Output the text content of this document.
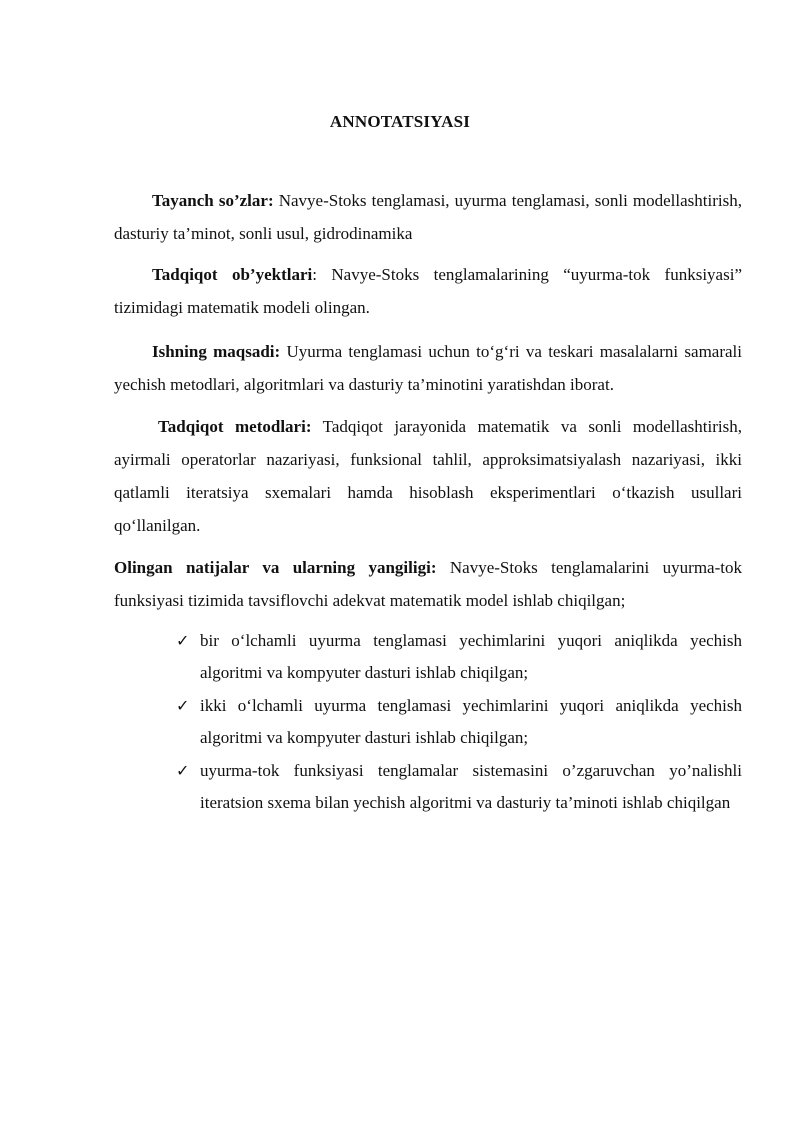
ANNOTATSIYASI

Tayanch so’zlar: Navye-Stoks tenglamasi, uyurma tenglamasi, sonli modellashtirish, dasturiy ta’minot, sonli usul, gidrodinamika

Tadqiqot ob’yektlari: Navye-Stoks tenglamalarining “uyurma-tok funksiyasi” tizimidagi matematik modeli olingan.

Ishning maqsadi: Uyurma tenglamasi uchun to‘g‘ri va teskari masalalarni samarali yechish metodlari, algoritmlari va dasturiy ta’minotini yaratishdan iborat.

Tadqiqot metodlari: Tadqiqot jarayonida matematik va sonli modellashtirish, ayirmali operatorlar nazariyasi, funksional tahlil, approksimatsiyalash nazariyasi, ikki qatlamli iteratsiya sxemalari hamda hisoblash eksperimentlari o‘tkazish usullari qo‘llanilgan.

Olingan natijalar va ularning yangiligi: Navye-Stoks tenglamalarini uyurma-tok funksiyasi tizimida tavsiflovchi adekvat matematik model ishlab chiqilgan;

✓ bir o‘lchamli uyurma tenglamasi yechimlarini yuqori aniqlikda yechish algoritmi va kompyuter dasturi ishlab chiqilgan;
✓ ikki o‘lchamli uyurma tenglamasi yechimlarini yuqori aniqlikda yechish algoritmi va kompyuter dasturi ishlab chiqilgan;
✓ uyurma-tok funksiyasi tenglamalar sistemasini o’zgaruvchan yo’nalishli iteratsion sxema bilan yechish algoritmi va dasturiy ta’minoti ishlab chiqilgan
